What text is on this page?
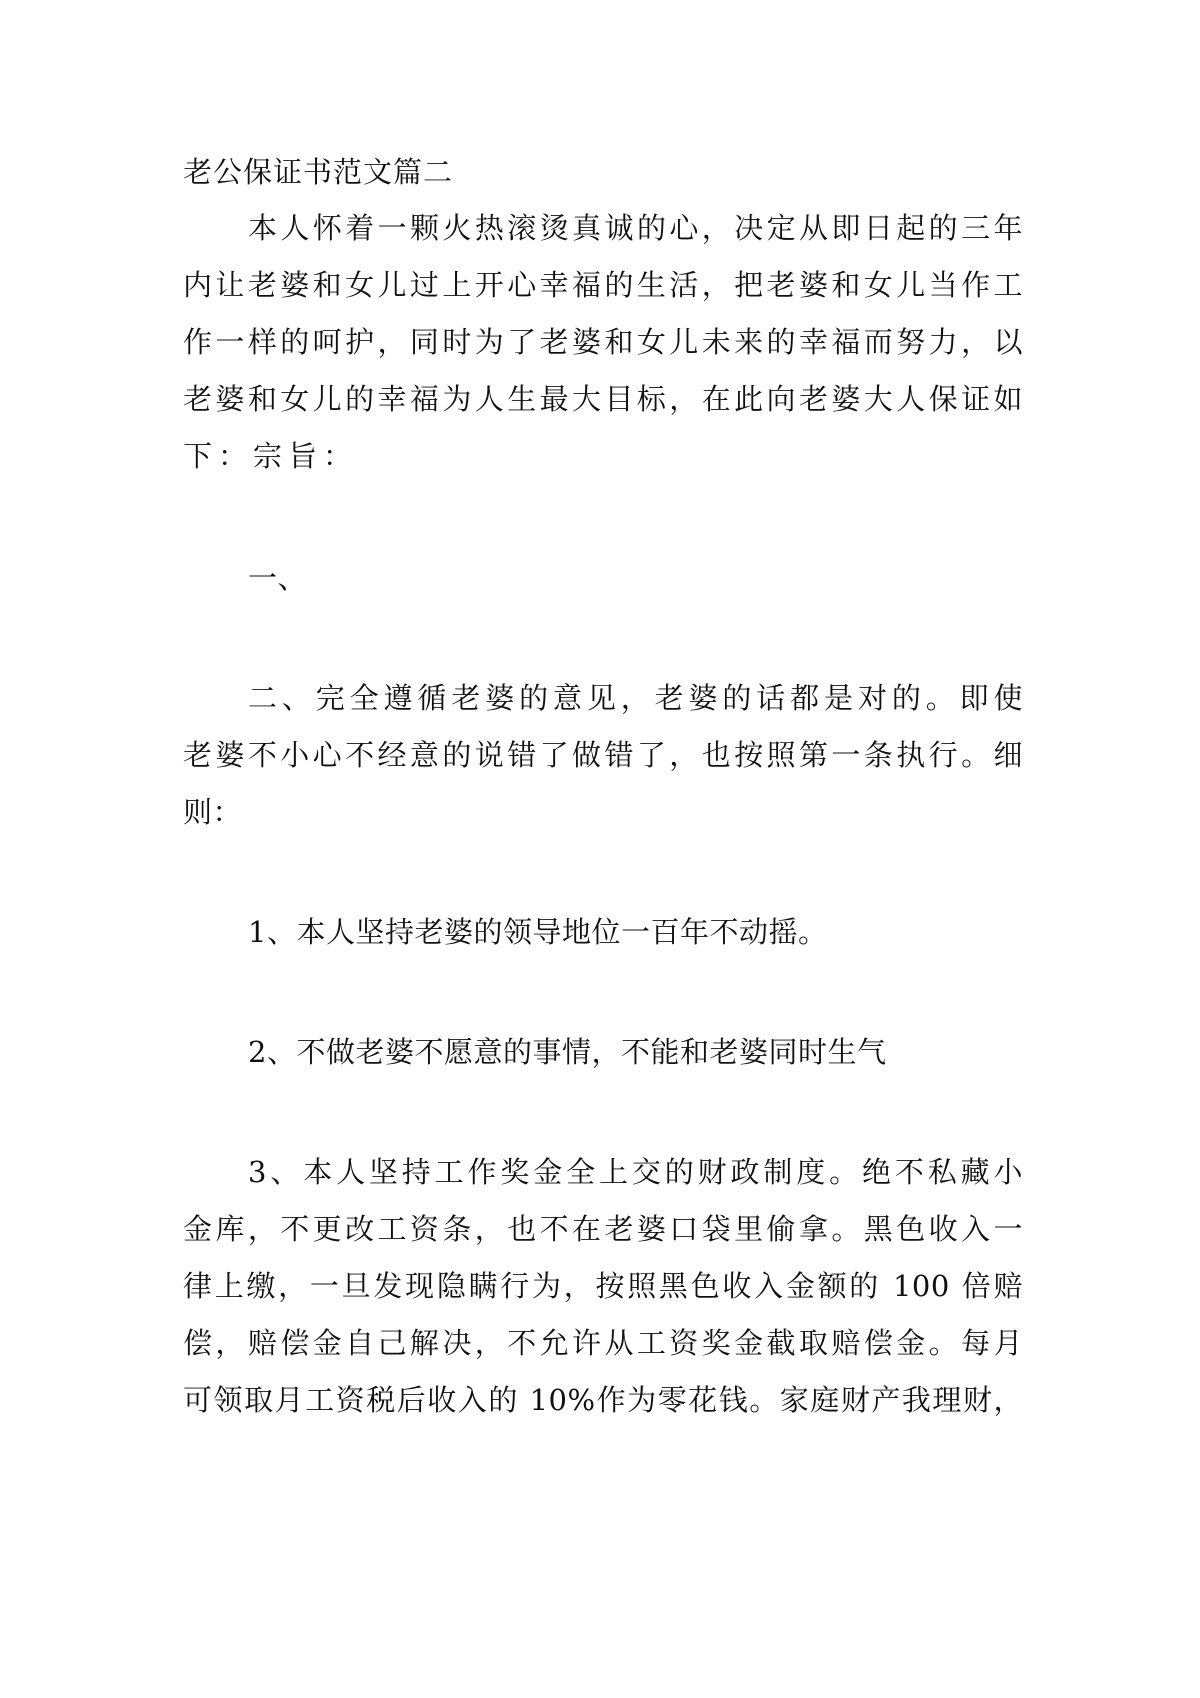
老公保证书范文篇二
本人怀着一颗火热滚烫真诚的心，决定从即日起的三年
内让老婆和女儿过上开心幸福的生活，把老婆和女儿当作工
作一样的呵护，同时为了老婆和女儿未来的幸福而努力，以
老婆和女儿的幸福为人生最大目标，在此向老婆大人保证如
下：宗旨：
一、
二、完全遵循老婆的意见，老婆的话都是对的。即使
老婆不小心不经意的说错了做错了，也按照第一条执行。细
则：
1、本人坚持老婆的领导地位一百年不动摇。
2、不做老婆不愿意的事情，不能和老婆同时生气
3、本人坚持工作奖金全上交的财政制度。绝不私藏小
金库，不更改工资条，也不在老婆口袋里偷拿。黑色收入一
律上缴，一旦发现隐瞒行为，按照黑色收入金额的 100 倍赔
偿，赔偿金自己解决，不允许从工资奖金截取赔偿金。每月
可领取月工资税后收入的 10%作为零花钱。家庭财产我理财，
